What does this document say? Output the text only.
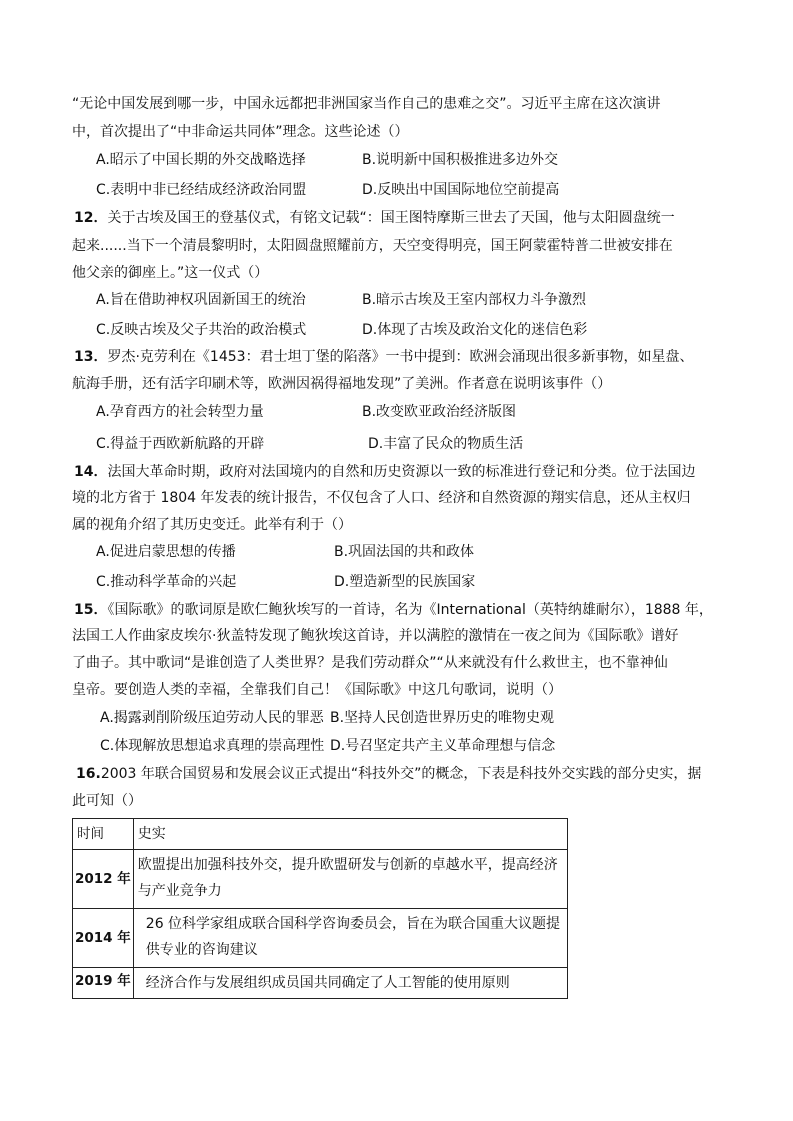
“无论中国发展到哪一步，中国永远都把非洲国家当作自己的患难之交”。习近平主席在这次演讲
中，首次提出了“中非命运共同体”理念。这些论述（）
A.昭示了中国长期的外交战略选择	B.说明新中国积极推进多边外交
C.表明中非已经结成经济政治同盟	D.反映出中国国际地位空前提高
12．关于古埃及国王的登基仪式，有铭文记载“：国王图特摩斯三世去了天国，他与太阳圆盘统一
起来......当下一个清晨黎明时，太阳圆盘照耀前方，天空变得明亮，国王阿蒙霍特普二世被安排在
他父亲的御座上。”这一仪式（）
A.旨在借助神权巩固新国王的统治	B.暗示古埃及王室内部权力斗争激烈
C.反映古埃及父子共治的政治模式	D.体现了古埃及政治文化的迷信色彩
13．罗杰·克劳利在《1453：君士坦丁堡的陷落》一书中提到：欧洲会涌现出很多新事物，如星盘、
航海手册，还有活字印刷术等，欧洲因祸得福地发现”了美洲。作者意在说明该事件（）
A.孕育西方的社会转型力量	B.改变欧亚政治经济版图
C.得益于西欧新航路的开辟	D.丰富了民众的物质生活
14．法国大革命时期，政府对法国境内的自然和历史资源以一致的标准进行登记和分类。位于法国边
境的北方省于 1804 年发表的统计报告，不仅包含了人口、经济和自然资源的翔实信息，还从主权归
属的视角介绍了其历史变迁。此举有利于（）
A.促进启蒙思想的传播	B.巩固法国的共和政体
C.推动科学革命的兴起	D.塑造新型的民族国家
15．《国际歌》的歌词原是欧仁鲍狄埃写的一首诗，名为《International（英特纳雄耐尔），1888 年，
法国工人作曲家皮埃尔·狄盖特发现了鲍狄埃这首诗，并以满腔的激情在一夜之间为《国际歌》谱好
了曲子。其中歌词“是谁创造了人类世界？是我们劳动群众”“从来就没有什么救世主，也不靠神仙
皇帝。要创造人类的幸福，全靠我们自己！《国际歌》中这几句歌词，说明（）
A.揭露剥削阶级压迫劳动人民的罪恶 B.坚持人民创造世界历史的唯物史观
C.体现解放思想追求真理的崇高理性 D.号召坚定共产主义革命理想与信念
16.2003 年联合国贸易和发展会议正式提出“科技外交”的概念，下表是科技外交实践的部分史实，据
此可知（）
时间	史实
2012 年	欧盟提出加强科技外交，提升欧盟研发与创新的卓越水平，提高经济与产业竞争力
2014 年	26 位科学家组成联合国科学咨询委员会，旨在为联合国重大议题提供专业的咨询建议
2019 年	经济合作与发展组织成员国共同确定了人工智能的使用原则
